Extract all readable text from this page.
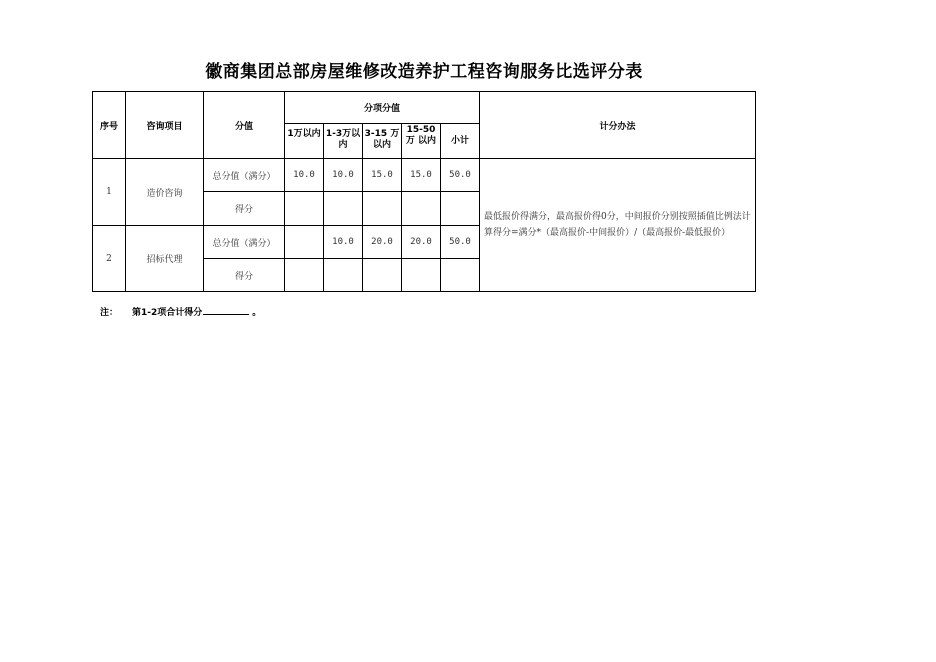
徽商集团总部房屋维修改造养护工程咨询服务比选评分表
序号	咨询项目	分值	分项分值					计分办法

			1万以内	1-3万以内	3-15 万以内	15-50 万 以内	小计	
1	造价咨询	总分值（满分）	10.0	10.0	15.0	15.0	50.0	最低报价得满分，最高报价得0分，中间报价分别按照插值比例法计算得分=满分*（最高报价-中间报价）/（最高报价-最低报价）
		得分						
2	招标代理	总分值（满分）		10.0	20.0	20.0	50.0	
		得分						
注： 第1-2项合计得分	。
